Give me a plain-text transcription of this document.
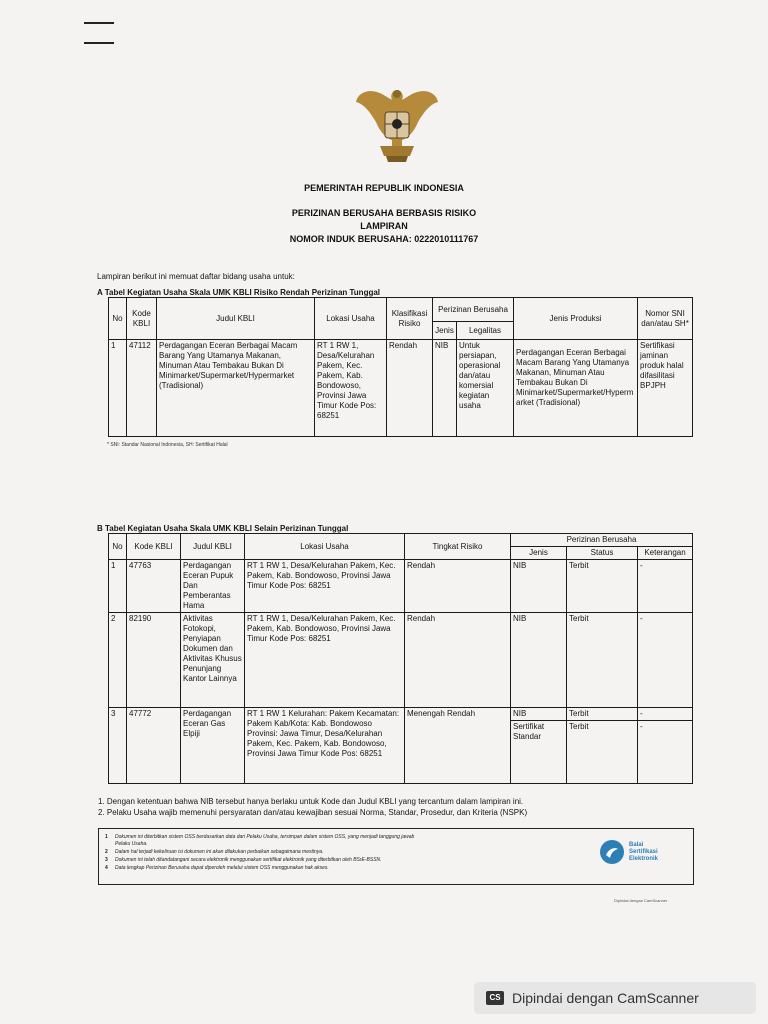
PEMERINTAH REPUBLIK INDONESIA
PERIZINAN BERUSAHA BERBASIS RISIKO
LAMPIRAN
NOMOR INDUK BERUSAHA: 0222010111767
Lampiran berikut ini memuat daftar bidang usaha untuk:
A Tabel Kegiatan Usaha Skala UMK KBLI Risiko Rendah Perizinan Tunggal
No	Kode KBLI	Judul KBLI	Lokasi Usaha	Klasifikasi Risiko	Perizinan Berusaha		Jenis Produksi	Nomor SNI dan/atau SH*
					Jenis	Legalitas		
1	47112	Perdagangan Eceran Berbagai Macam Barang Yang Utamanya Makanan, Minuman Atau Tembakau Bukan Di Minimarket/Supermarket/Hypermarket (Tradisional)	RT 1 RW 1, Desa/Kelurahan Pakem, Kec. Pakem, Kab. Bondowoso, Provinsi Jawa Timur Kode Pos: 68251	Rendah	NIB	Untuk persiapan, operasional dan/atau komersial kegiatan usaha	Perdagangan Eceran Berbagai Macam Barang Yang Utamanya Makanan, Minuman Atau Tembakau Bukan Di Minimarket/Supermarket/Hypermarket (Tradisional)	Sertifikasi jaminan produk halal difasilitasi BPJPH
* SNI: Standar Nasional Indonesia, SH: Sertifikat Halal
B Tabel Kegiatan Usaha Skala UMK KBLI Selain Perizinan Tunggal
No	Kode KBLI	Judul KBLI	Lokasi Usaha	Tingkat Risiko	Perizinan Berusaha		
					Jenis	Status	Keterangan
1	47763	Perdagangan Eceran Pupuk Dan Pemberantas Hama	RT 1 RW 1, Desa/Kelurahan Pakem, Kec. Pakem, Kab. Bondowoso, Provinsi Jawa Timur Kode Pos: 68251	Rendah	NIB	Terbit	-
2	82190	Aktivitas Fotokopi, Penyiapan Dokumen dan Aktivitas Khusus Penunjang Kantor Lainnya	RT 1 RW 1, Desa/Kelurahan Pakem, Kec. Pakem, Kab. Bondowoso, Provinsi Jawa Timur Kode Pos: 68251	Rendah	NIB	Terbit	-
3	47772	Perdagangan Eceran Gas Elpiji	RT 1 RW 1 Kelurahan: Pakem Kecamatan: Pakem Kab/Kota: Kab. Bondowoso Provinsi: Jawa Timur, Desa/Kelurahan Pakem, Kec. Pakem, Kab. Bondowoso, Provinsi Jawa Timur Kode Pos: 68251	Menengah Rendah	NIB	Terbit	-
					Sertifikat Standar	Terbit	-
1. Dengan ketentuan bahwa NIB tersebut hanya berlaku untuk Kode dan Judul KBLI yang tercantum dalam lampiran ini.
2. Pelaku Usaha wajib memenuhi persyaratan dan/atau kewajiban sesuai Norma, Standar, Prosedur, dan Kriteria (NSPK)
1 Dokumen ini diterbitkan sistem OSS berdasarkan data dari Pelaku Usaha, tersimpan dalam sistem OSS, yang menjadi tanggung jawab
Pelaku Usaha.
2 Dalam hal terjadi kekeliruan isi dokumen ini akan dilakukan perbaikan sebagaimana mestinya.
3 Dokumen ini telah ditandatangani secara elektronik menggunakan sertifikat elektronik yang diterbitkan oleh BSrE-BSSN.
4 Data lengkap Perizinan Berusaha dapat diperoleh melalui sistem OSS menggunakan hak akses.
Balai
Sertifikasi
Elektronik
Dipindai dengan CamScanner
CS Dipindai dengan CamScanner
